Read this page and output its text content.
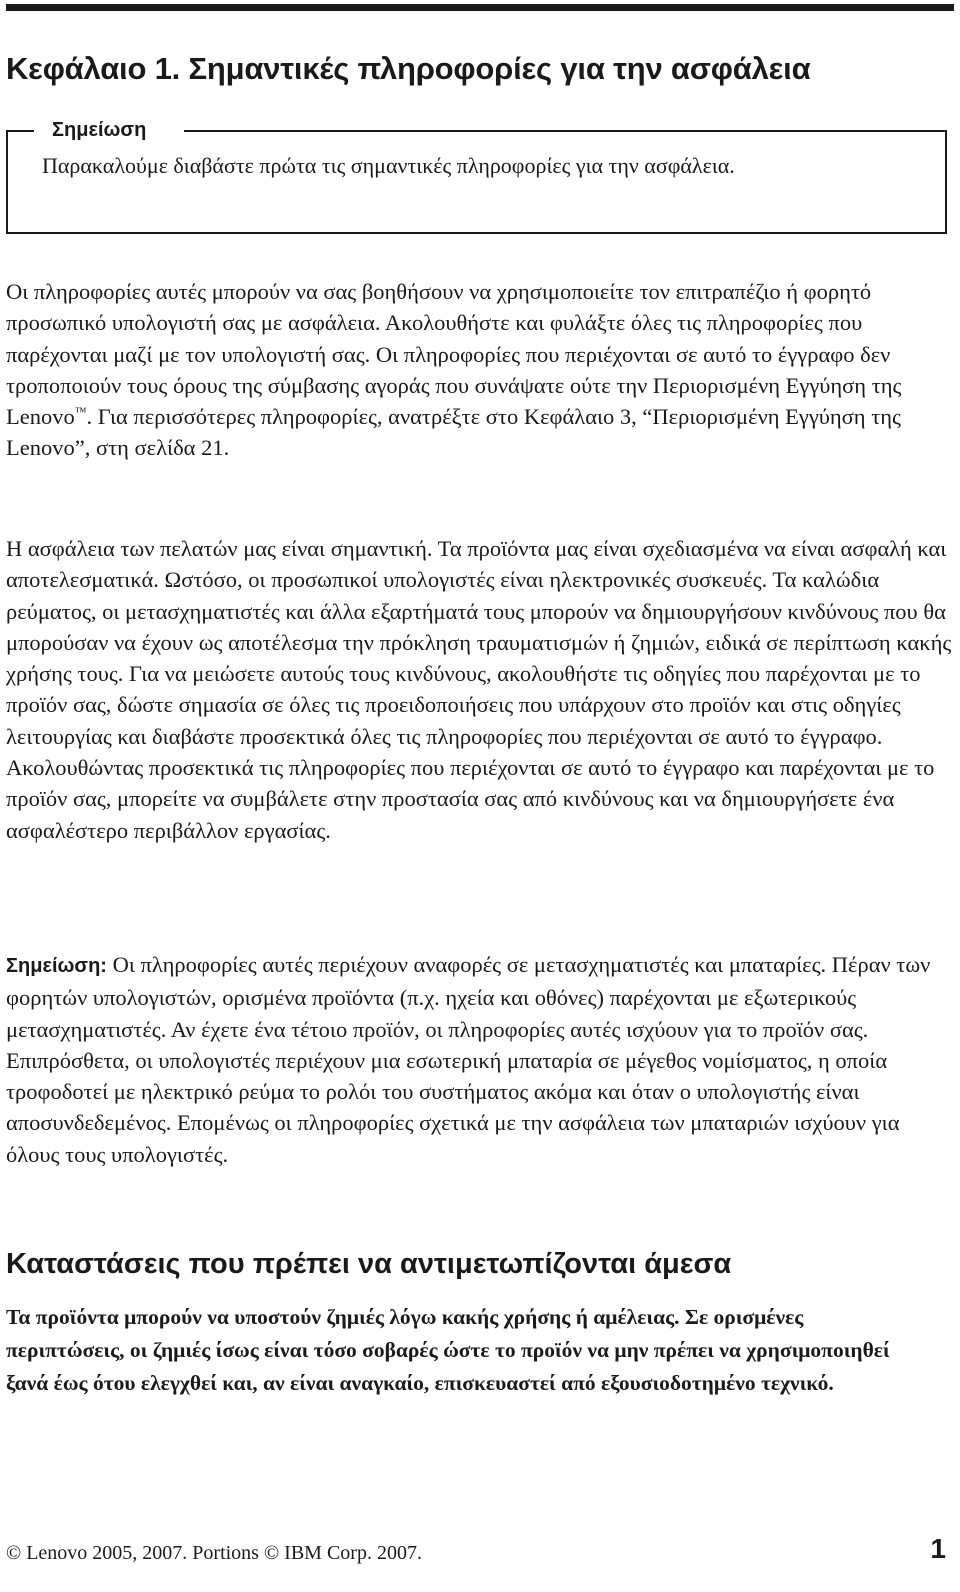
Κεφάλαιο 1. Σημαντικές πληροφορίες για την ασφάλεια
Σημείωση

Παρακαλούμε διαβάστε πρώτα τις σημαντικές πληροφορίες για την ασφάλεια.

Οι πληροφορίες αυτές μπορούν να σας βοηθήσουν να χρησιμοποιείτε τον επιτραπέζιο ή φορητό προσωπικό υπολογιστή σας με ασφάλεια. Ακολουθήστε και φυλάξτε όλες τις πληροφορίες που παρέχονται μαζί με τον υπολογιστή σας. Οι πληροφορίες που περιέχονται σε αυτό το έγγραφο δεν τροποποιούν τους όρους της σύμβασης αγοράς που συνάψατε ούτε την Περιορισμένη Εγγύηση της Lenovo™. Για περισσότερες πληροφορίες, ανατρέξτε στο Κεφάλαιο 3, “Περιορισμένη Εγγύηση της Lenovo”, στη σελίδα 21.

Η ασφάλεια των πελατών μας είναι σημαντική. Τα προϊόντα μας είναι σχεδιασμένα να είναι ασφαλή και αποτελεσματικά. Ωστόσο, οι προσωπικοί υπολογιστές είναι ηλεκτρονικές συσκευές. Τα καλώδια ρεύματος, οι μετασχηματιστές και άλλα εξαρτήματά τους μπορούν να δημιουργήσουν κινδύνους που θα μπορούσαν να έχουν ως αποτέλεσμα την πρόκληση τραυματισμών ή ζημιών, ειδικά σε περίπτωση κακής χρήσης τους. Για να μειώσετε αυτούς τους κινδύνους, ακολουθήστε τις οδηγίες που παρέχονται με το προϊόν σας, δώστε σημασία σε όλες τις προειδοποιήσεις που υπάρχουν στο προϊόν και στις οδηγίες λειτουργίας και διαβάστε προσεκτικά όλες τις πληροφορίες που περιέχονται σε αυτό το έγγραφο. Ακολουθώντας προσεκτικά τις πληροφορίες που περιέχονται σε αυτό το έγγραφο και παρέχονται με το προϊόν σας, μπορείτε να συμβάλετε στην προστασία σας από κινδύνους και να δημιουργήσετε ένα ασφαλέστερο περιβάλλον εργασίας.

Σημείωση: Οι πληροφορίες αυτές περιέχουν αναφορές σε μετασχηματιστές και μπαταρίες. Πέραν των φορητών υπολογιστών, ορισμένα προϊόντα (π.χ. ηχεία και οθόνες) παρέχονται με εξωτερικούς μετασχηματιστές. Αν έχετε ένα τέτοιο προϊόν, οι πληροφορίες αυτές ισχύουν για το προϊόν σας. Επιπρόσθετα, οι υπολογιστές περιέχουν μια εσωτερική μπαταρία σε μέγεθος νομίσματος, η οποία τροφοδοτεί με ηλεκτρικό ρεύμα το ρολόι του συστήματος ακόμα και όταν ο υπολογιστής είναι αποσυνδεδεμένος. Επομένως οι πληροφορίες σχετικά με την ασφάλεια των μπαταριών ισχύουν για όλους τους υπολογιστές.

Καταστάσεις που πρέπει να αντιμετωπίζονται άμεσα

Τα προϊόντα μπορούν να υποστούν ζημιές λόγω κακής χρήσης ή αμέλειας. Σε ορισμένες περιπτώσεις, οι ζημιές ίσως είναι τόσο σοβαρές ώστε το προϊόν να μην πρέπει να χρησιμοποιηθεί ξανά έως ότου ελεγχθεί και, αν είναι αναγκαίο, επισκευαστεί από εξουσιοδοτημένο τεχνικό.

© Lenovo 2005, 2007. Portions © IBM Corp. 2007.	1
